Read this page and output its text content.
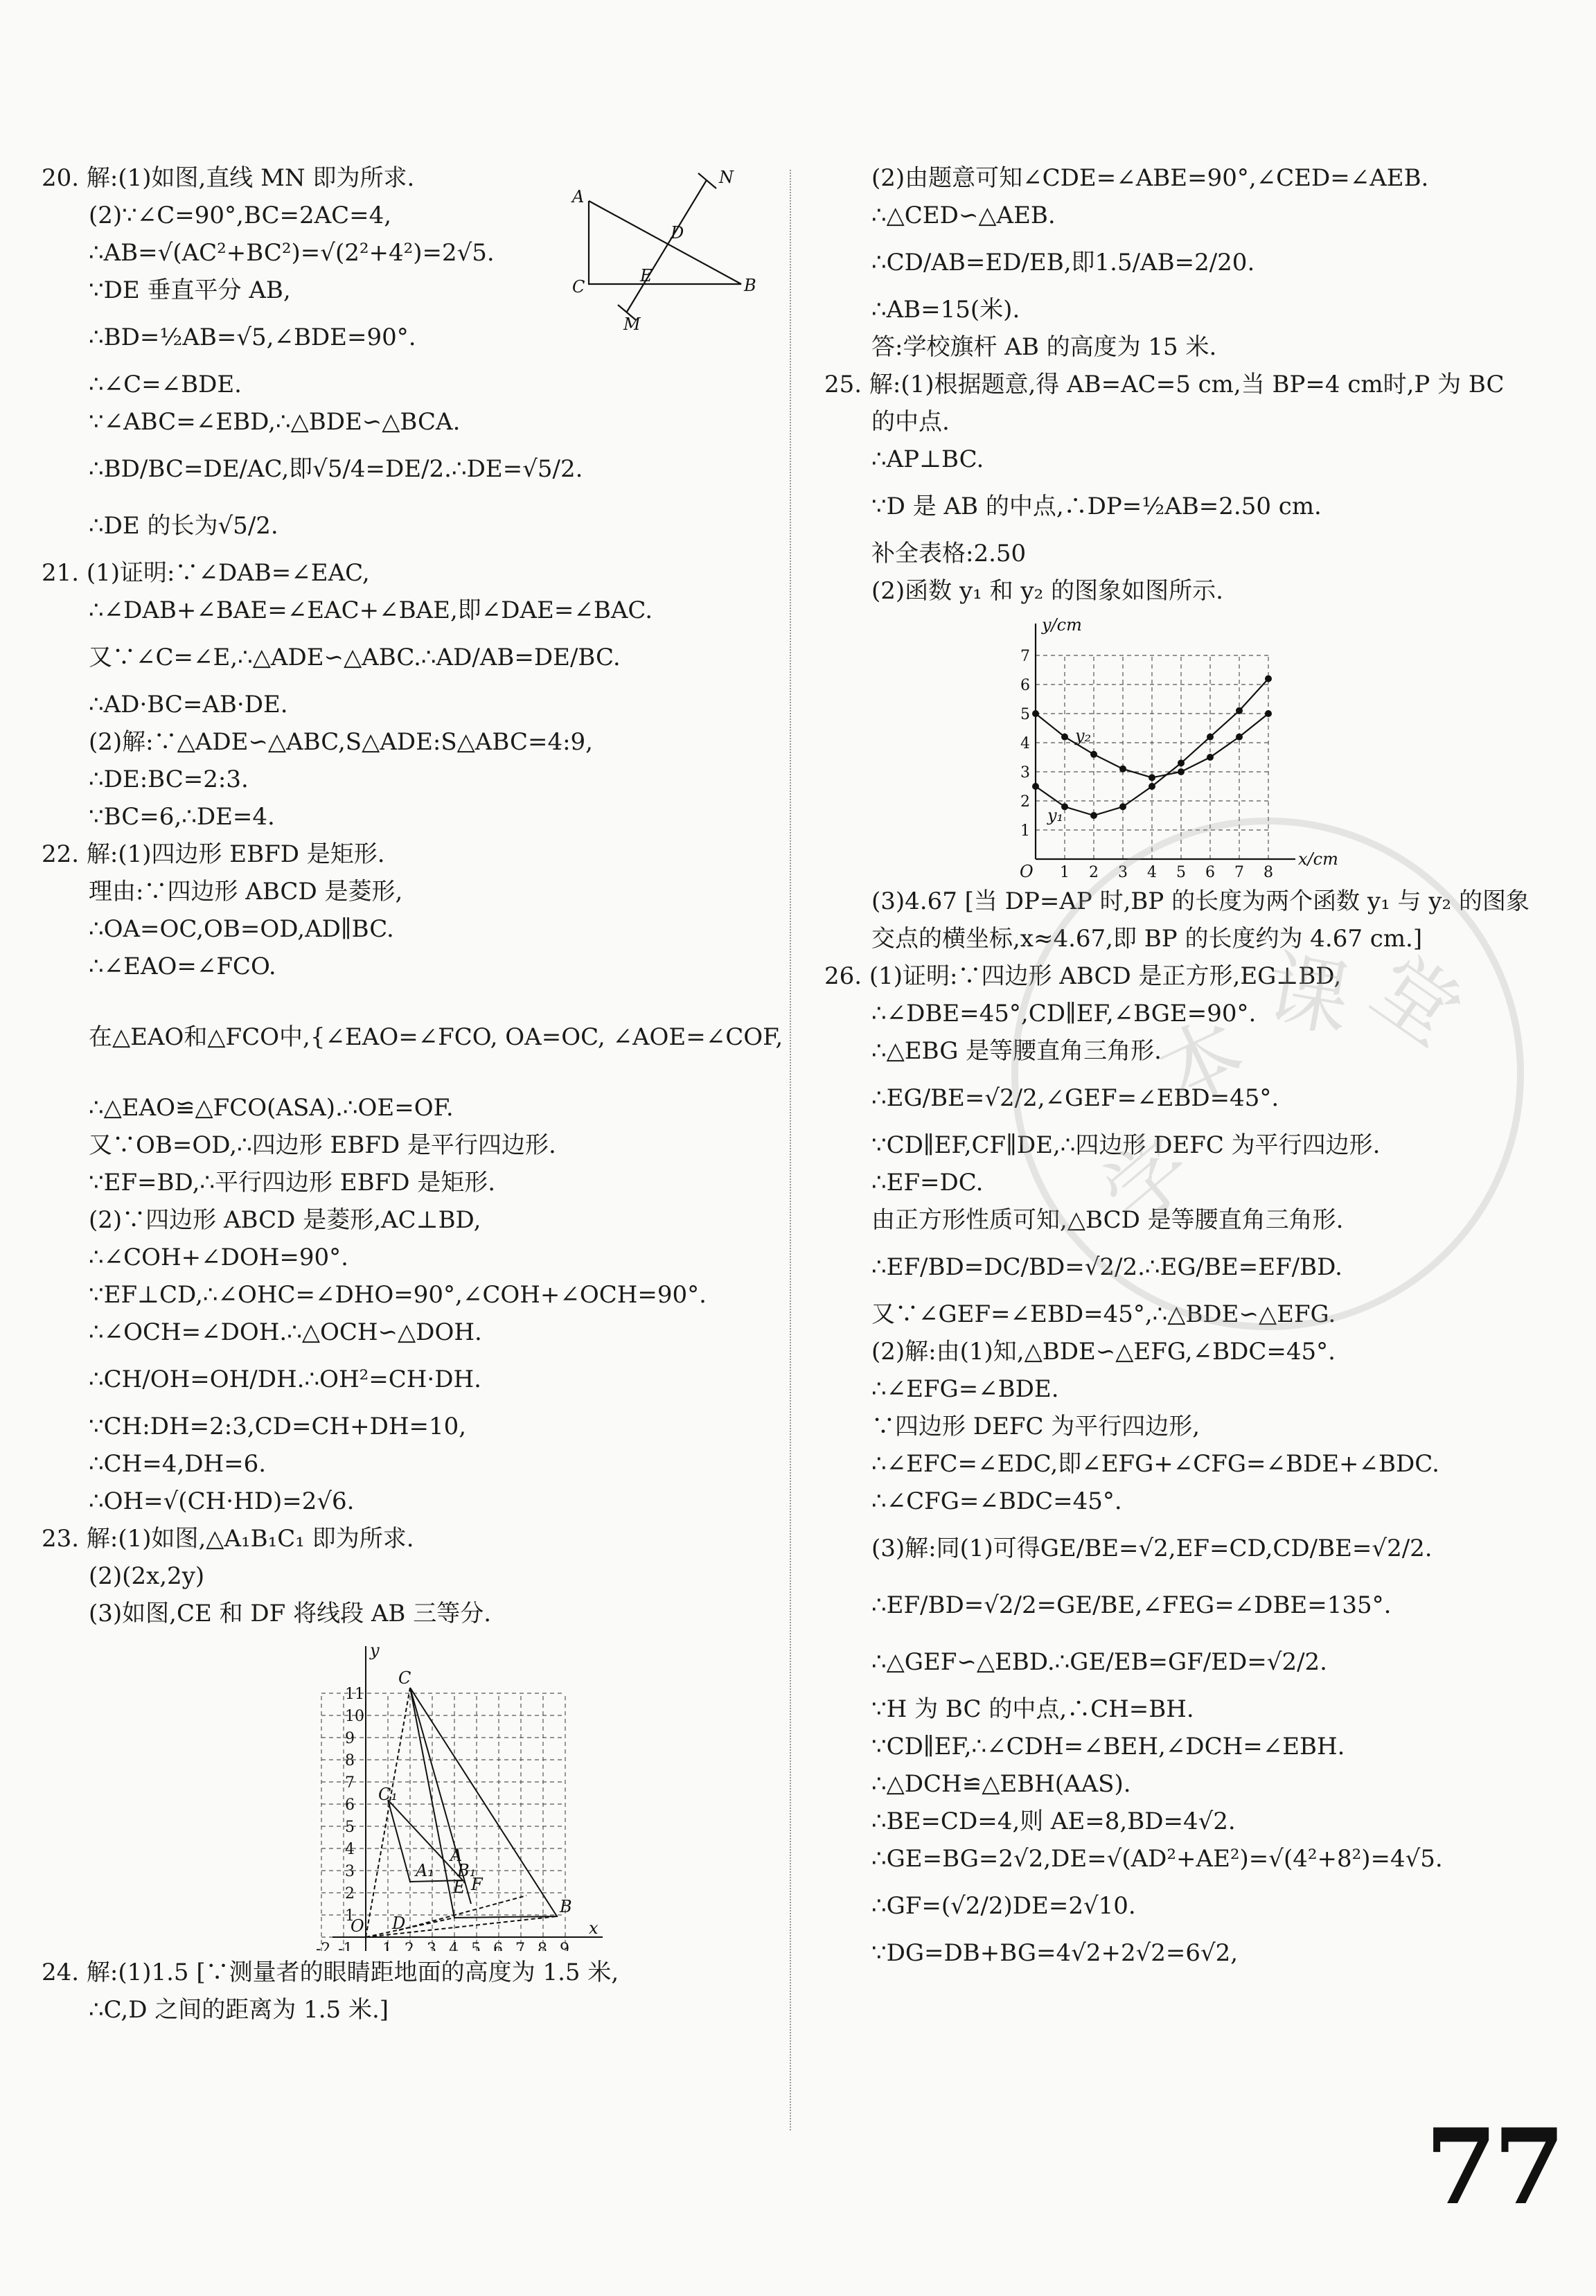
20. 解:(1)如图,直线 MN 即为所求.
(2)∵∠C=90°,BC=2AC=4,
∴AB=√(AC²+BC²)=√(2²+4²)=2√5.
∵DE 垂直平分 AB,
∴BD=½AB=√5,∠BDE=90°.
∴∠C=∠BDE.
∵∠ABC=∠EBD,∴△BDE∽△BCA.
∴BD/BC=DE/AC,即√5/4=DE/2.∴DE=√5/2.
∴DE 的长为√5/2.
21. (1)证明:∵∠DAB=∠EAC,
∴∠DAB+∠BAE=∠EAC+∠BAE,即∠DAE=∠BAC.
又∵∠C=∠E,∴△ADE∽△ABC.∴AD/AB=DE/BC.
∴AD·BC=AB·DE.
(2)解:∵△ADE∽△ABC,S△ADE:S△ABC=4:9,
∴DE:BC=2:3.
∵BC=6,∴DE=4.
22. 解:(1)四边形 EBFD 是矩形.
理由:∵四边形 ABCD 是菱形,
∴OA=OC,OB=OD,AD∥BC.
∴∠EAO=∠FCO.
在△EAO和△FCO中,{∠EAO=∠FCO, OA=OC, ∠AOE=∠COF,
∴△EAO≌△FCO(ASA).∴OE=OF.
又∵OB=OD,∴四边形 EBFD 是平行四边形.
∵EF=BD,∴平行四边形 EBFD 是矩形.
(2)∵四边形 ABCD 是菱形,AC⊥BD,
∴∠COH+∠DOH=90°.
∵EF⊥CD,∴∠OHC=∠DHO=90°,∠COH+∠OCH=90°.
∴∠OCH=∠DOH.∴△OCH∽△DOH.
∴CH/OH=OH/DH.∴OH²=CH·DH.
∵CH:DH=2:3,CD=CH+DH=10,
∴CH=4,DH=6.
∴OH=√(CH·HD)=2√6.
23. 解:(1)如图,△A₁B₁C₁ 即为所求.
(2)(2x,2y)
(3)如图,CE 和 DF 将线段 AB 三等分.
y
x
C
A
F
E
B
O
C₁
D
B₁
A₁
-2 -1 1 2 3 4 5 6 7 8 9
1
2
3
4
5
6
7
8
9
10
11
24. 解:(1)1.5 [∵测量者的眼睛距地面的高度为 1.5 米,
∴C,D 之间的距离为 1.5 米.]
A
B
C
D
E
M
N	(2)由题意可知∠CDE=∠ABE=90°,∠CED=∠AEB.
∴△CED∽△AEB.
∴CD/AB=ED/EB,即1.5/AB=2/20.
∴AB=15(米).
答:学校旗杆 AB 的高度为 15 米.
25. 解:(1)根据题意,得 AB=AC=5 cm,当 BP=4 cm时,P 为 BC
的中点.
∴AP⊥BC.
∵D 是 AB 的中点,∴DP=½AB=2.50 cm.
补全表格:2.50
(2)函数 y₁ 和 y₂ 的图象如图所示.
y/cm
x/cm
O
y₁
y₂
1 2 3 4 5 6 7 8
1
2
3
4
5
6
7
(3)4.67 [当 DP=AP 时,BP 的长度为两个函数 y₁ 与 y₂ 的图象
交点的横坐标,x≈4.67,即 BP 的长度约为 4.67 cm.]
26. (1)证明:∵四边形 ABCD 是正方形,EG⊥BD,
∴∠DBE=45°,CD∥EF,∠BGE=90°.
∴△EBG 是等腰直角三角形.
∴EG/BE=√2/2,∠GEF=∠EBD=45°.
∵CD∥EF,CF∥DE,∴四边形 DEFC 为平行四边形.
∴EF=DC.
由正方形性质可知,△BCD 是等腰直角三角形.
∴EF/BD=DC/BD=√2/2.∴EG/BE=EF/BD.
又∵∠GEF=∠EBD=45°,∴△BDE∽△EFG.
(2)解:由(1)知,△BDE∽△EFG,∠BDC=45°.
∴∠EFG=∠BDE.
∵四边形 DEFC 为平行四边形,
∴∠EFC=∠EDC,即∠EFG+∠CFG=∠BDE+∠BDC.
∴∠CFG=∠BDC=45°.
(3)解:同(1)可得GE/BE=√2,EF=CD,CD/BE=√2/2.
∴EF/BD=√2/2=GE/BE,∠FEG=∠DBE=135°.
∴△GEF∽△EBD.∴GE/EB=GF/ED=√2/2.
∵H 为 BC 的中点,∴CH=BH.
∵CD∥EF,∴∠CDH=∠BEH,∠DCH=∠EBH.
∴△DCH≌△EBH(AAS).
∴BE=CD=4,则 AE=8,BD=4√2.
∴GE=BG=2√2,DE=√(AD²+AE²)=√(4²+8²)=4√5.
∴GF=(√2/2)DE=2√10.
∵DG=DB+BG=4√2+2√2=6√2,
学
本
课
堂
77
